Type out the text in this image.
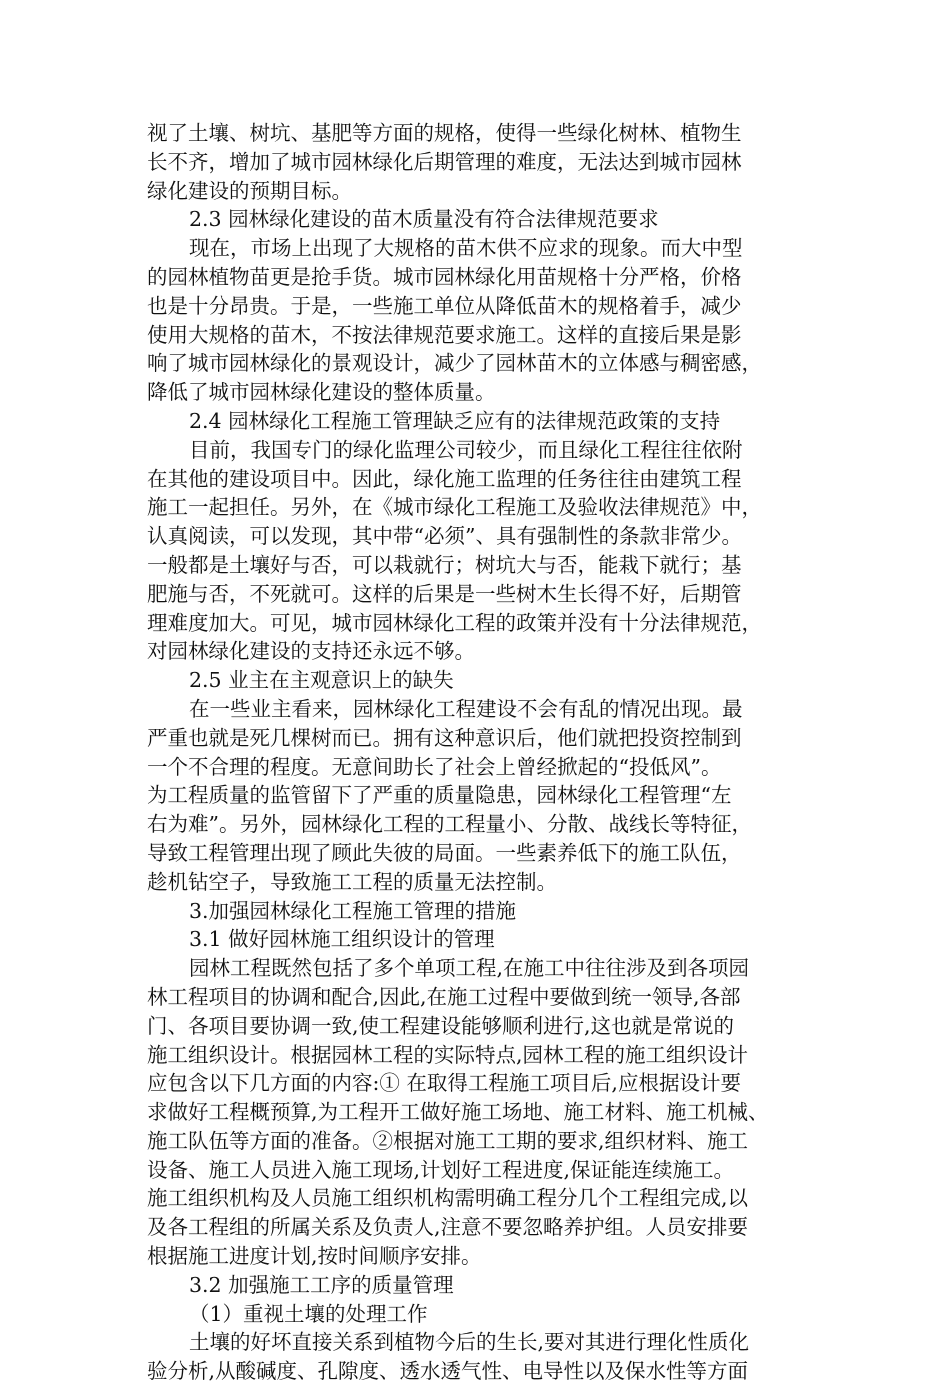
视了土壤、树坑、基肥等方面的规格，使得一些绿化树林、植物生
长不齐，增加了城市园林绿化后期管理的难度，无法达到城市园林
绿化建设的预期目标。
2.3 园林绿化建设的苗木质量没有符合法律规范要求
现在，市场上出现了大规格的苗木供不应求的现象。而大中型
的园林植物苗更是抢手货。城市园林绿化用苗规格十分严格，价格
也是十分昂贵。于是，一些施工单位从降低苗木的规格着手，减少
使用大规格的苗木，不按法律规范要求施工。这样的直接后果是影
响了城市园林绿化的景观设计，减少了园林苗木的立体感与稠密感，
降低了城市园林绿化建设的整体质量。
2.4 园林绿化工程施工管理缺乏应有的法律规范政策的支持
目前，我国专门的绿化监理公司较少，而且绿化工程往往依附
在其他的建设项目中。因此，绿化施工监理的任务往往由建筑工程
施工一起担任。另外，在《城市绿化工程施工及验收法律规范》中，
认真阅读，可以发现，其中带“必须”、具有强制性的条款非常少。
一般都是土壤好与否，可以栽就行；树坑大与否，能栽下就行；基
肥施与否，不死就可。这样的后果是一些树木生长得不好，后期管
理难度加大。可见，城市园林绿化工程的政策并没有十分法律规范，
对园林绿化建设的支持还永远不够。
2.5 业主在主观意识上的缺失
在一些业主看来，园林绿化工程建设不会有乱的情况出现。最
严重也就是死几棵树而已。拥有这种意识后，他们就把投资控制到
一个不合理的程度。无意间助长了社会上曾经掀起的“投低风”。
为工程质量的监管留下了严重的质量隐患，园林绿化工程管理“左
右为难”。另外，园林绿化工程的工程量小、分散、战线长等特征，
导致工程管理出现了顾此失彼的局面。一些素养低下的施工队伍，
趁机钻空子，导致施工工程的质量无法控制。
3.加强园林绿化工程施工管理的措施
3.1 做好园林施工组织设计的管理
园林工程既然包括了多个单项工程,在施工中往往涉及到各项园
林工程项目的协调和配合,因此,在施工过程中要做到统一领导,各部
门、各项目要协调一致,使工程建设能够顺利进行,这也就是常说的
施工组织设计。根据园林工程的实际特点,园林工程的施工组织设计
应包含以下几方面的内容:① 在取得工程施工项目后,应根据设计要
求做好工程概预算,为工程开工做好施工场地、施工材料、施工机械、
施工队伍等方面的准备。②根据对施工工期的要求,组织材料、施工
设备、施工人员进入施工现场,计划好工程进度,保证能连续施工。
施工组织机构及人员施工组织机构需明确工程分几个工程组完成,以
及各工程组的所属关系及负责人,注意不要忽略养护组。人员安排要
根据施工进度计划,按时间顺序安排。
3.2 加强施工工序的质量管理
（1）重视土壤的处理工作
土壤的好坏直接关系到植物今后的生长,要对其进行理化性质化
验分析,从酸碱度、孔隙度、透水透气性、电导性以及保水性等方面
